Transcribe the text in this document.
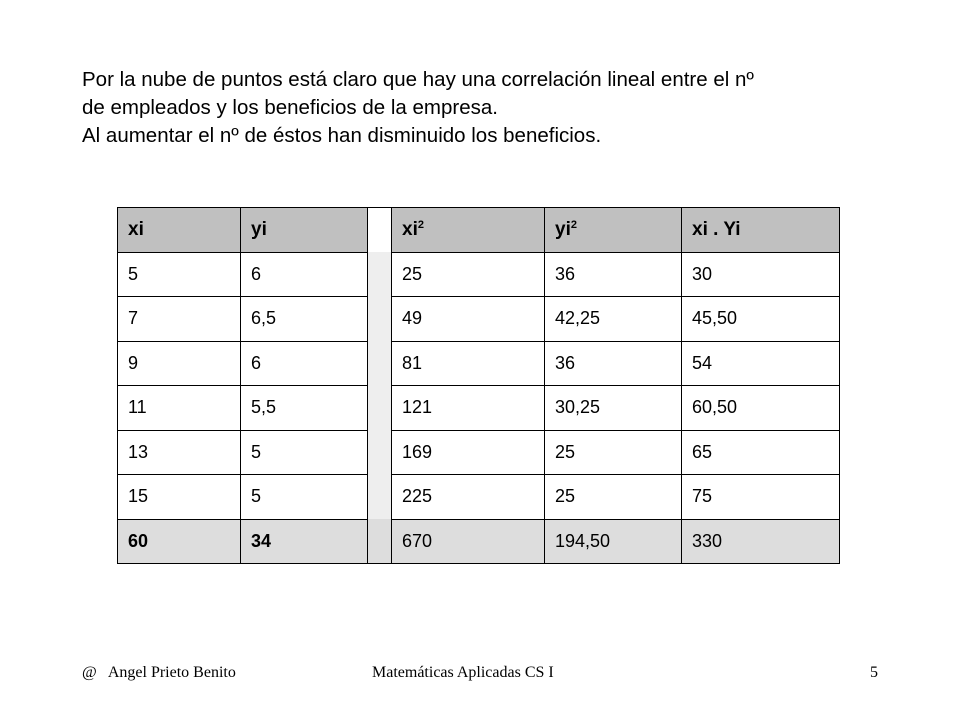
Por la nube de puntos está claro que hay una correlación lineal entre el nº

de empleados y los beneficios de la empresa.

Al aumentar el nº de éstos han disminuido los beneficios.

xi	yi		$xi^2$	$yi^2$	xi . Yi
5	6		25	36	30
7	6,5		49	42,25	45,50
9	6		81	36	54
11	5,5		121	30,25	60,50
13	5		169	25	65
15	5		225	25	75
60	34		670	194,50	330
@   Angel Prieto Benito	Matemáticas Aplicadas CS I	5
